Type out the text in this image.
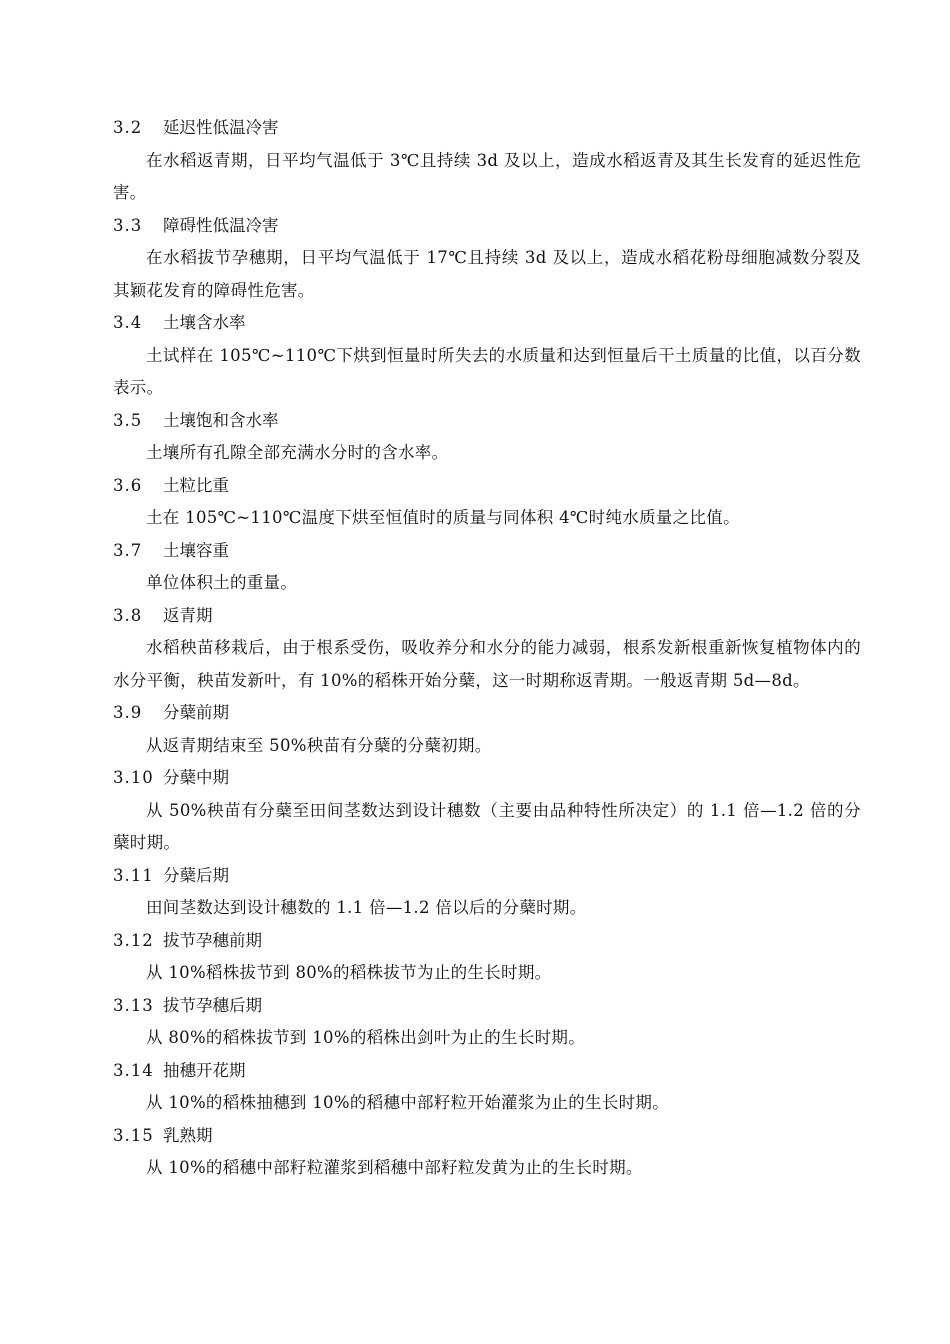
3.2 延迟性低温冷害
在水稻返青期，日平均气温低于 3℃且持续 3d 及以上，造成水稻返青及其生长发育的延迟性危害。
3.3 障碍性低温冷害
在水稻拔节孕穗期，日平均气温低于 17℃且持续 3d 及以上，造成水稻花粉母细胞减数分裂及其颖花发育的障碍性危害。
3.4 土壤含水率
土试样在 105℃~110℃下烘到恒量时所失去的水质量和达到恒量后干土质量的比值，以百分数表示。
3.5 土壤饱和含水率
土壤所有孔隙全部充满水分时的含水率。
3.6 土粒比重
土在 105℃~110℃温度下烘至恒值时的质量与同体积 4℃时纯水质量之比值。
3.7 土壤容重
单位体积土的重量。
3.8 返青期
水稻秧苗移栽后，由于根系受伤，吸收养分和水分的能力减弱，根系发新根重新恢复植物体内的水分平衡，秧苗发新叶，有 10%的稻株开始分蘖，这一时期称返青期。一般返青期 5d—8d。
3.9 分蘖前期
从返青期结束至 50%秧苗有分蘖的分蘖初期。
3.10 分蘖中期
从 50%秧苗有分蘖至田间茎数达到设计穗数（主要由品种特性所决定）的 1.1 倍—1.2 倍的分蘖时期。
3.11 分蘖后期
田间茎数达到设计穗数的 1.1 倍—1.2 倍以后的分蘖时期。
3.12 拔节孕穗前期
从 10%稻株拔节到 80%的稻株拔节为止的生长时期。
3.13 拔节孕穗后期
从 80%的稻株拔节到 10%的稻株出剑叶为止的生长时期。
3.14 抽穗开花期
从 10%的稻株抽穗到 10%的稻穗中部籽粒开始灌浆为止的生长时期。
3.15 乳熟期
从 10%的稻穗中部籽粒灌浆到稻穗中部籽粒发黄为止的生长时期。
